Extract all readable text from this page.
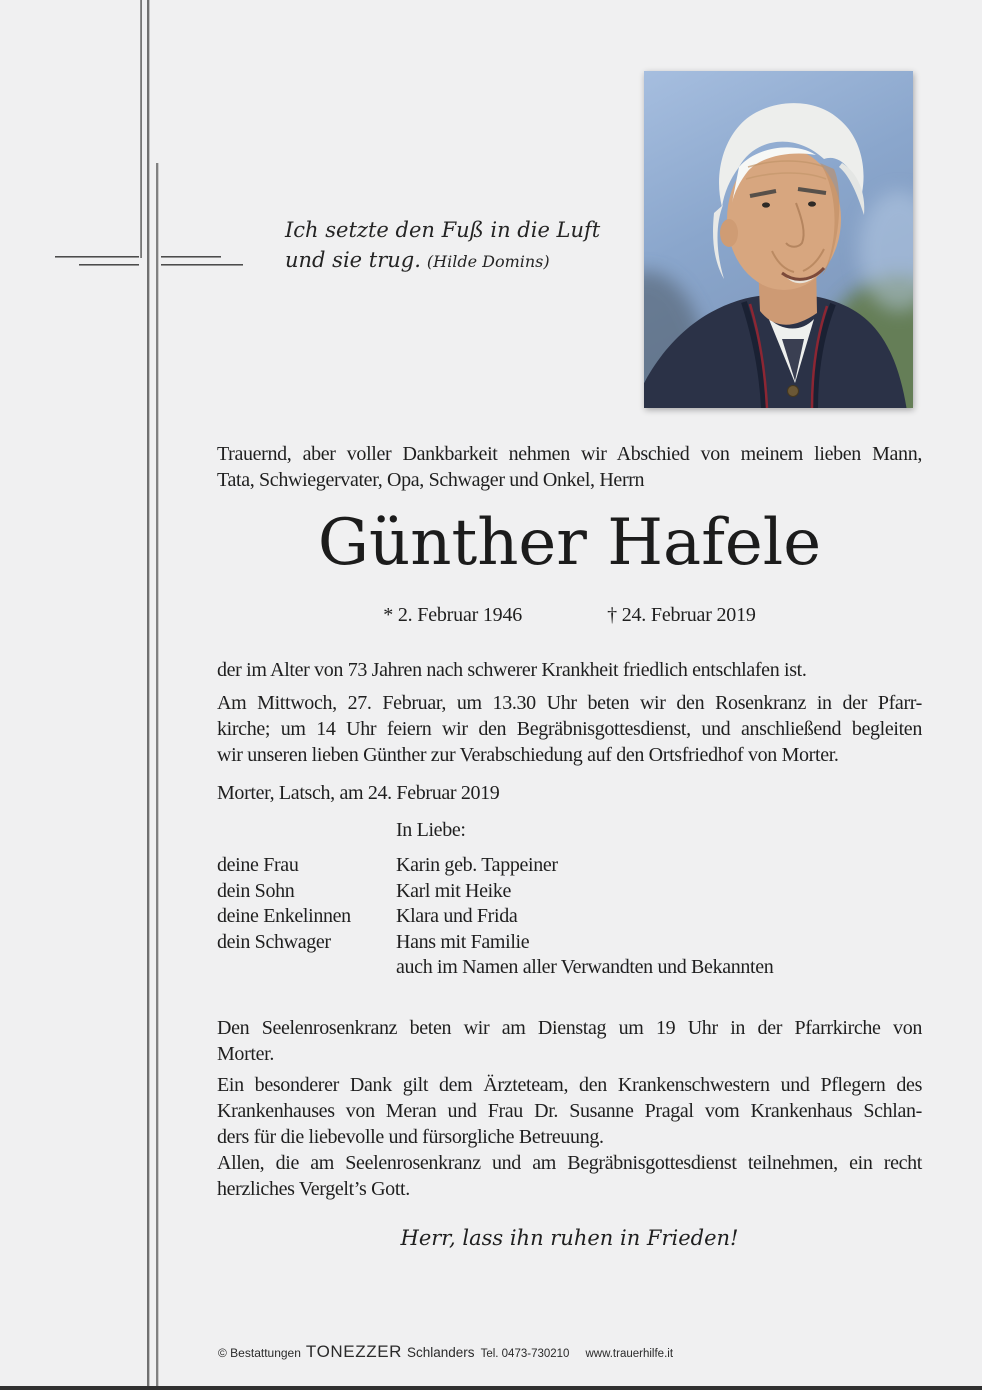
Ich setzte den Fuß in die Luft
und sie trug. (Hilde Domins)
Trauernd, aber voller Dankbarkeit nehmen wir Abschied von meinem lieben Mann,
Tata, Schwiegervater, Opa, Schwager und Onkel, Herrn
Günther Hafele
* 2. Februar 1946	† 24. Februar 2019
der im Alter von 73 Jahren nach schwerer Krankheit friedlich entschlafen ist.
Am Mittwoch, 27. Februar, um 13.30 Uhr beten wir den Rosenkranz in der Pfarr-
kirche; um 14 Uhr feiern wir den Begräbnisgottesdienst, und anschließend begleiten
wir unseren lieben Günther zur Verabschiedung auf den Ortsfriedhof von Morter.
Morter, Latsch, am 24. Februar 2019
In Liebe:
deine Frau	Karin geb. Tappeiner
dein Sohn	Karl mit Heike
deine Enkelinnen	Klara und Frida
dein Schwager	Hans mit Familie
auch im Namen aller Verwandten und Bekannten
Den Seelenrosenkranz beten wir am Dienstag um 19 Uhr in der Pfarrkirche von
Morter.
Ein besonderer Dank gilt dem Ärzteteam, den Krankenschwestern und Pflegern des
Krankenhauses von Meran und Frau Dr. Susanne Pragal vom Krankenhaus Schlan-
ders für die liebevolle und fürsorgliche Betreuung.
Allen, die am Seelenrosenkranz und am Begräbnisgottesdienst teilnehmen, ein recht
herzliches Vergelt’s Gott.
Herr, lass ihn ruhen in Frieden!
© Bestattungen TONEZZER Schlanders Tel. 0473-730210 www.trauerhilfe.it
